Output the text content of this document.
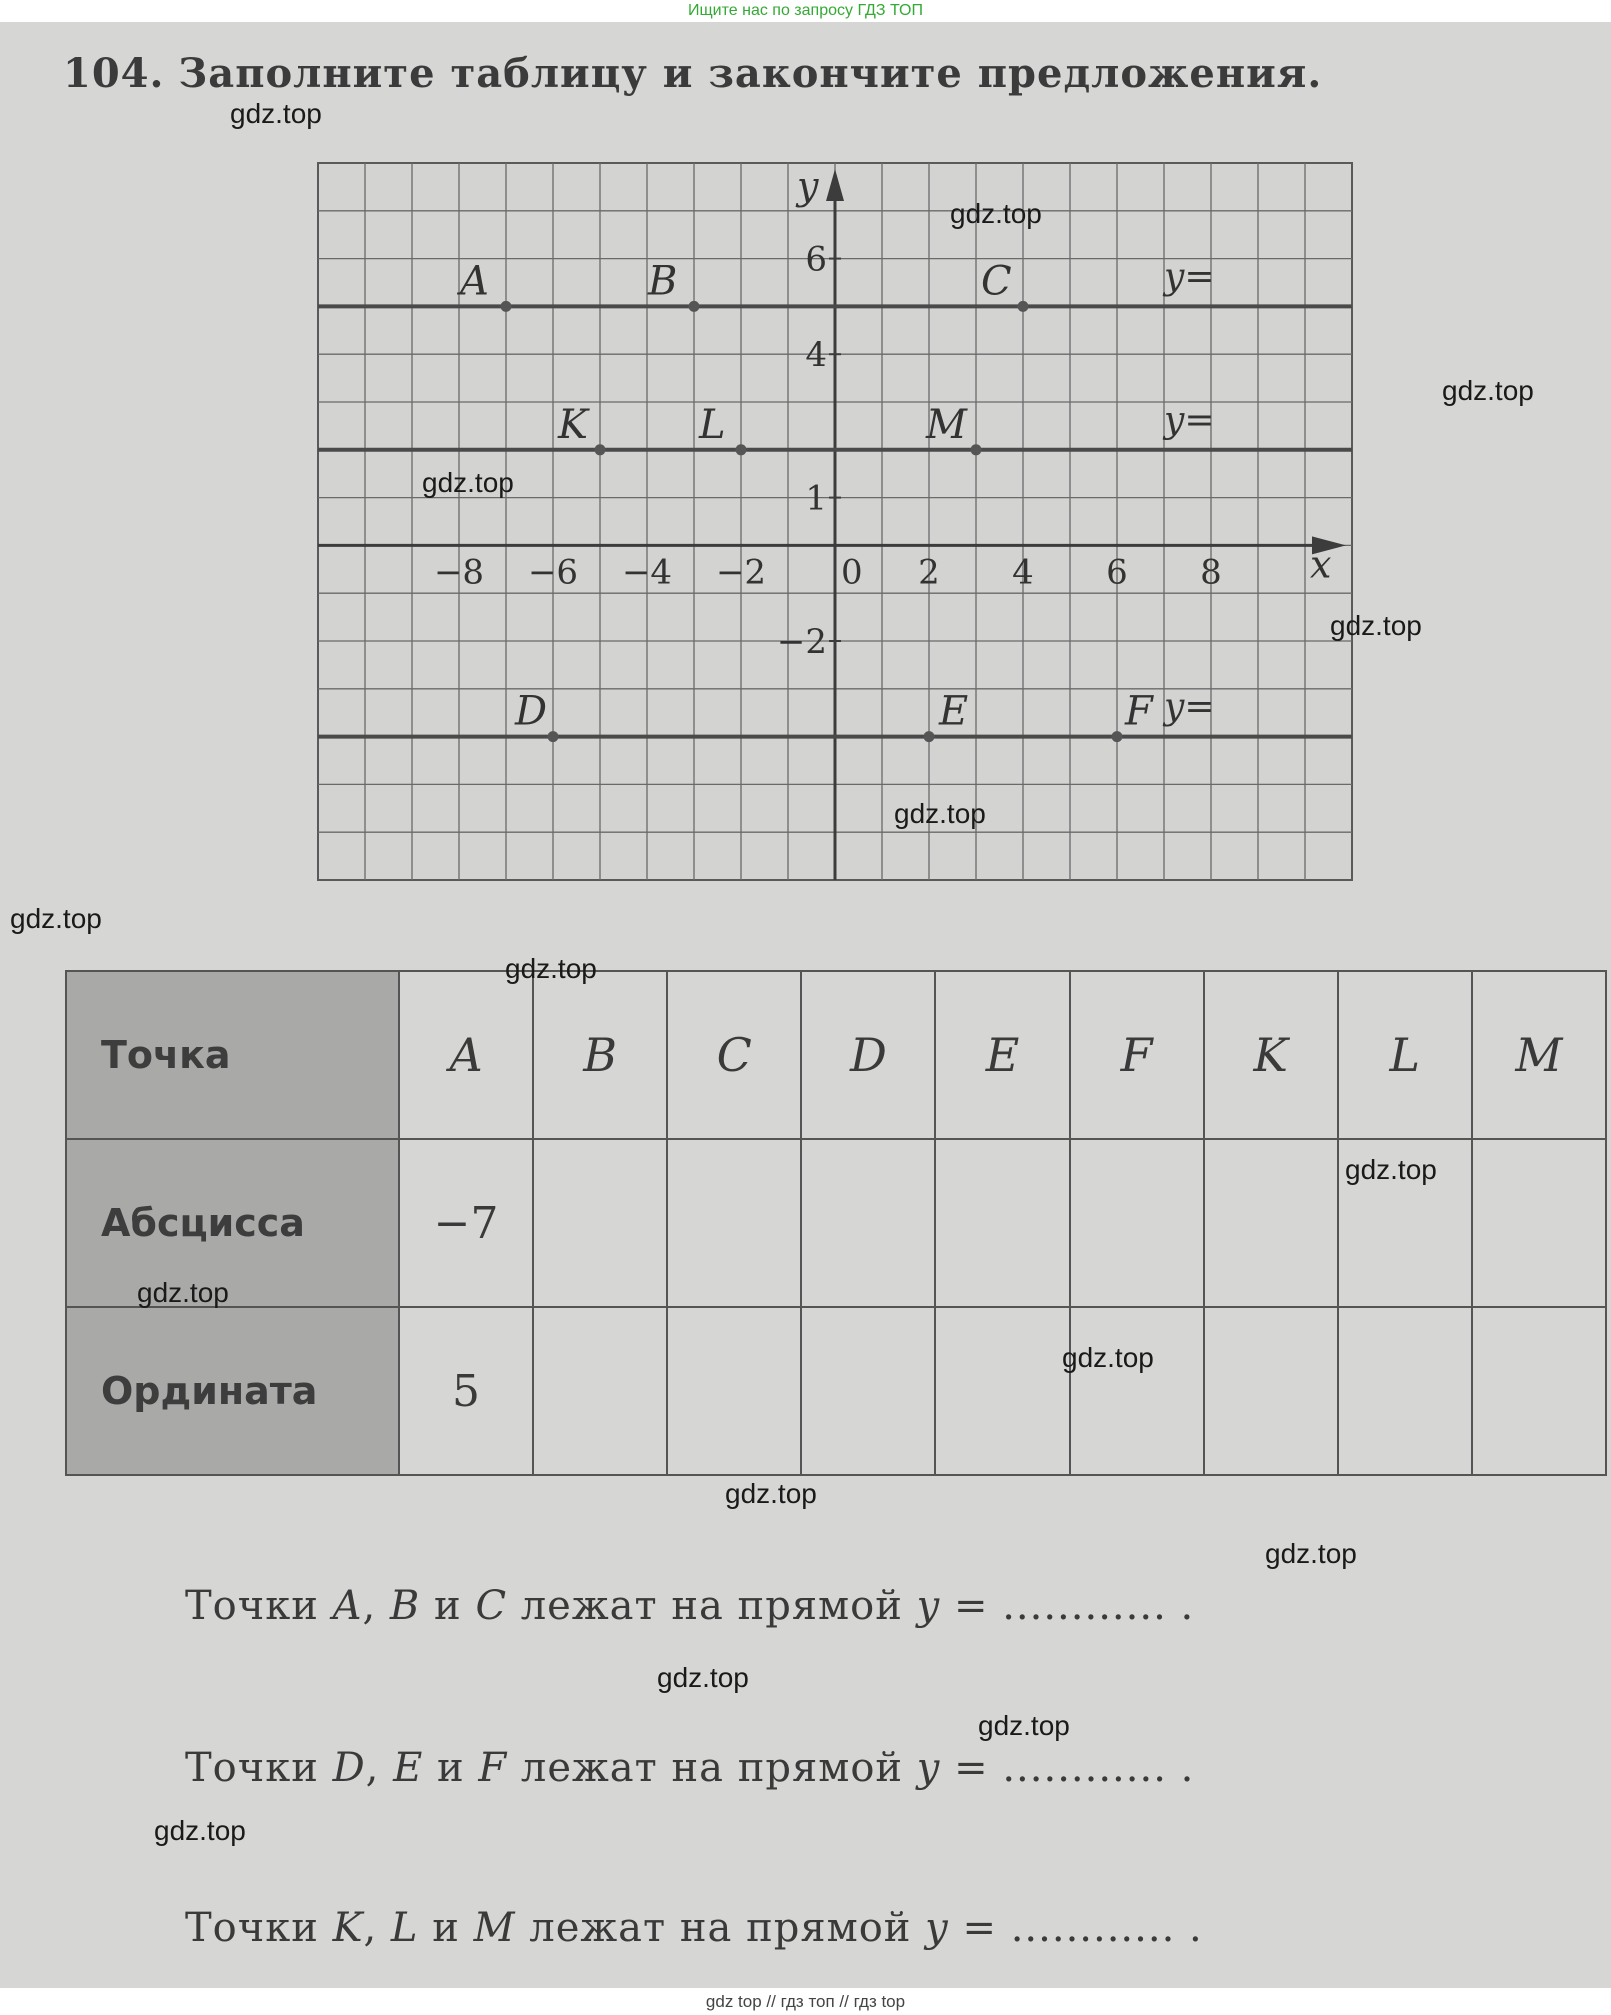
Ищите нас по запросу ГДЗ ТОП
104. Заполните таблицу и закончите предложения.
x
y
0
−8 −6 −4 −2	2 4 6 8
6
4
1
−2
y=
y=
y=
A	B	C
K	L	M
D	E	F
Точка	A	B	C	D	E	F	K	L	M
Абсцисса	−7								
Ордината	5								
Точки A, B и C лежат на прямой y = ............ .
Точки D, E и F лежат на прямой y = ............ .
Точки K, L и M лежат на прямой y = ............ .
gdz.top
gdz.top
gdz.top
gdz.top
gdz.top
gdz.top
gdz.top
gdz.top
gdz.top
gdz.top
gdz.top
gdz.top
gdz.top
gdz.top
gdz.top
gdz.top
gdz top // гдз топ // гдз top
